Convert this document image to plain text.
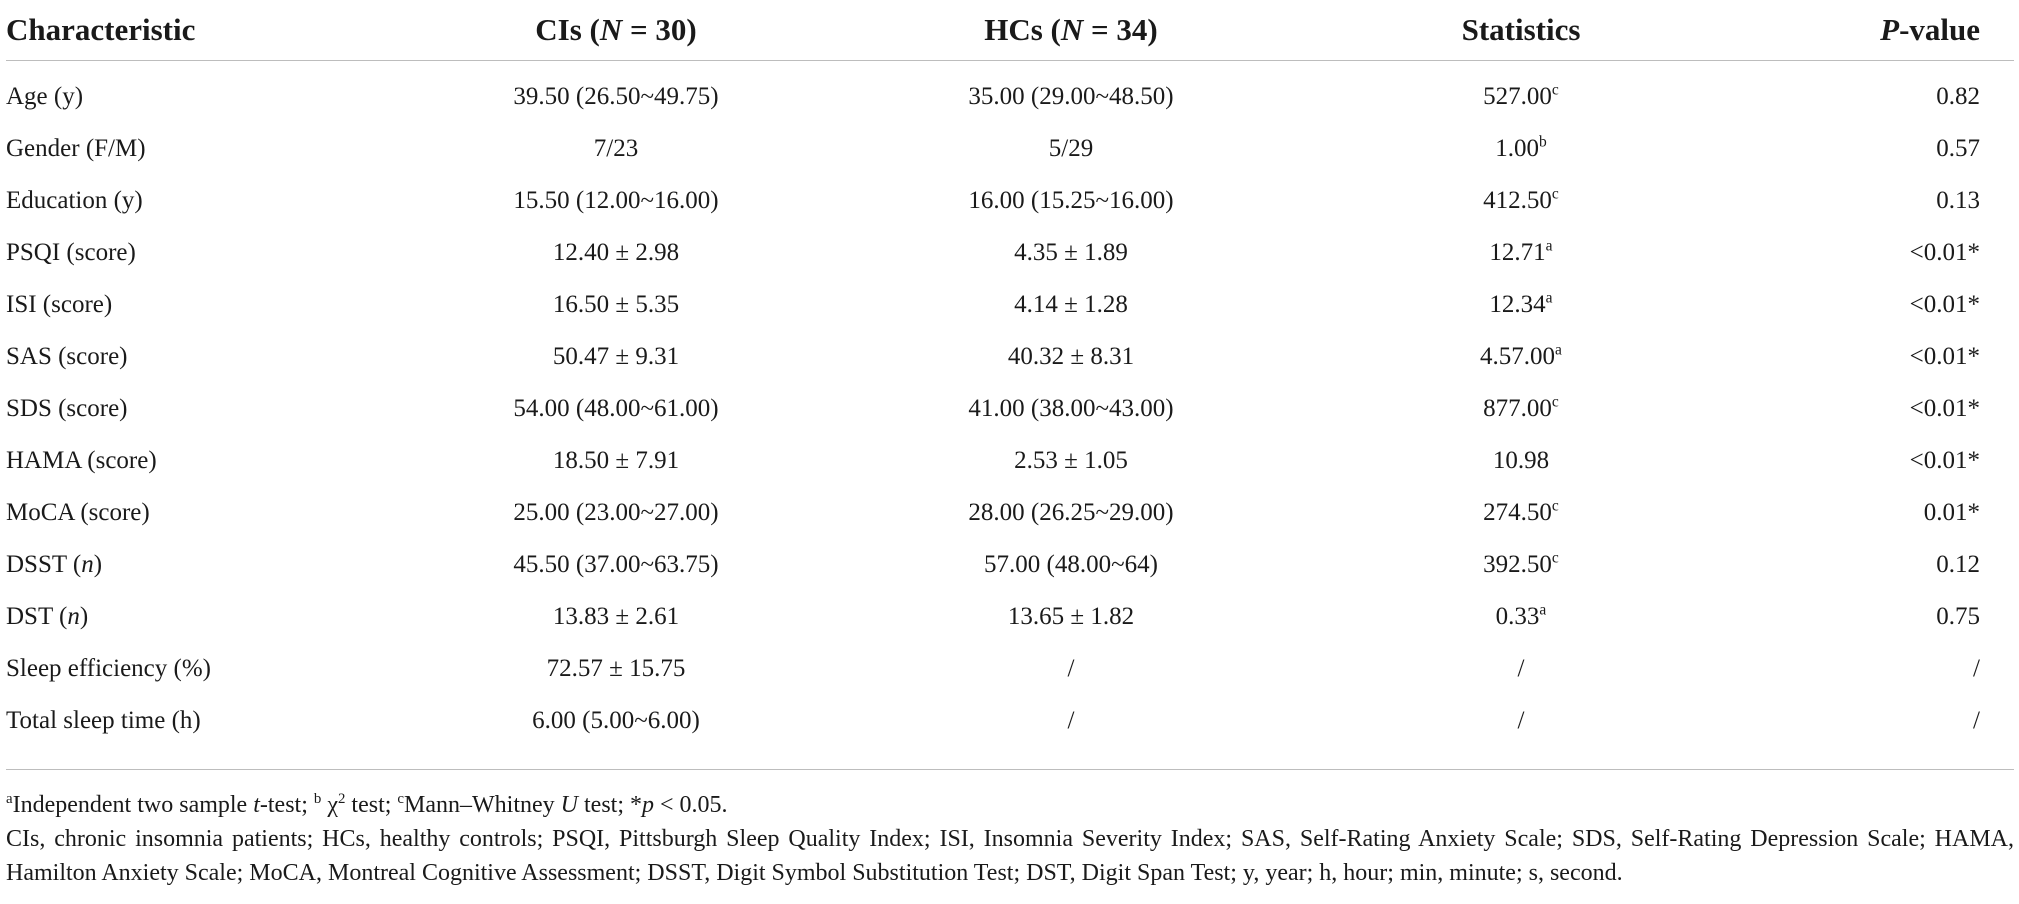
Characteristic	CIs (N = 30)	HCs (N = 34)	Statistics	P-value
Age (y)	39.50 (26.50~49.75)	35.00 (29.00~48.50)	527.00$^c$	0.82
Gender (F/M)	7/23	5/29	1.00$^b$	0.57
Education (y)	15.50 (12.00~16.00)	16.00 (15.25~16.00)	412.50$^c$	0.13
PSQI (score)	12.40 ± 2.98	4.35 ± 1.89	12.71$^a$	<0.01*
ISI (score)	16.50 ± 5.35	4.14 ± 1.28	12.34$^a$	<0.01*
SAS (score)	50.47 ± 9.31	40.32 ± 8.31	4.57.00$^a$	<0.01*
SDS (score)	54.00 (48.00~61.00)	41.00 (38.00~43.00)	877.00$^c$	<0.01*
HAMA (score)	18.50 ± 7.91	2.53 ± 1.05	10.98	<0.01*
MoCA (score)	25.00 (23.00~27.00)	28.00 (26.25~29.00)	274.50$^c$	0.01*
DSST (n)	45.50 (37.00~63.75)	57.00 (48.00~64)	392.50$^c$	0.12
DST (n)	13.83 ± 2.61	13.65 ± 1.82	0.33$^a$	0.75
Sleep efficiency (%)	72.57 ± 15.75	/	/	/
Total sleep time (h)	6.00 (5.00~6.00)	/	/	/

$^a$Independent two sample t-test; $^b$ $\chi^2$ test; $^c$Mann–Whitney U test; *p < 0.05.

CIs, chronic insomnia patients; HCs, healthy controls; PSQI, Pittsburgh Sleep Quality Index; ISI, Insomnia Severity Index; SAS, Self-Rating Anxiety Scale; SDS, Self-Rating Depression Scale; HAMA, Hamilton Anxiety Scale; MoCA, Montreal Cognitive Assessment; DSST, Digit Symbol Substitution Test; DST, Digit Span Test; y, year; h, hour; min, minute; s, second.
